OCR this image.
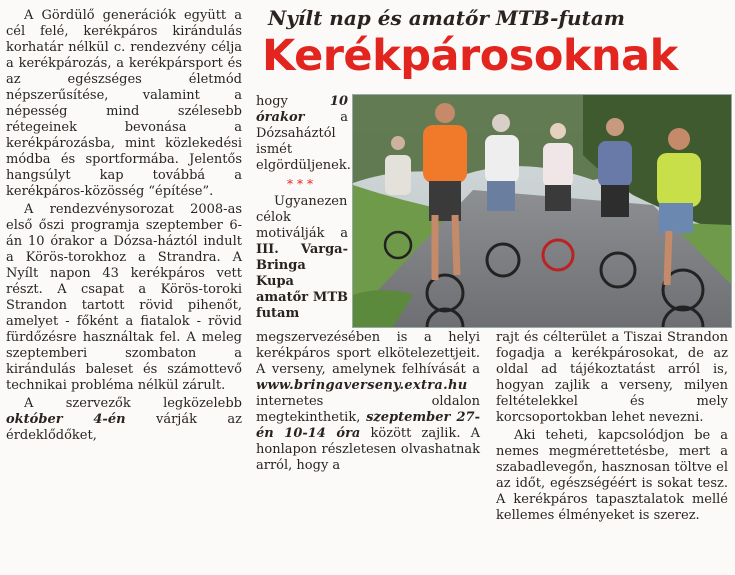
Nyílt nap és amatőr MTB-futam
Kerékpárosoknak

A Gördülő generációk együtt a cél felé, kerékpáros kirándulás korhatár nélkül c. rendezvény célja a kerékpározás, a kerékpársport és az egészséges életmód népszerűsítése, valamint a népesség mind szélesebb rétegeinek bevonása a kerékpározásba, mint közlekedési módba és sportformába. Jelentős hangsúlyt kap továbbá a kerékpáros-közösség “építése”.

A rendezvénysorozat 2008-as első őszi programja szeptember 6-án 10 órakor a Dózsa-háztól indult a Körös-torokhoz a Strandra. A Nyílt napon 43 kerékpáros vett részt. A csapat a Körös-toroki Strandon tartott rövid pihenőt, amelyet - főként a fiatalok - rövid fürdőzésre használtak fel. A meleg szeptemberi szombaton a kirándulás baleset és számottevő technikai probléma nélkül zárult.

A szervezők legközelebb október 4-én várják az érdeklődőket,

hogy 10 órakor a Dózsaháztól ismét elgördüljenek.

***

Ugyanezen célok motiválják a III. Varga-Bringa Kupa amatőr MTB futam

megszervezésében is a helyi kerékpáros sport elkötelezettjeit. A verseny, amelynek felhívását a www.bringaverseny.extra.hu internetes oldalon megtekinthetik, szeptember 27-én 10-14 óra között zajlik. A honlapon részletesen olvashatnak arról, hogy a

rajt és célterület a Tiszai Strandon fogadja a kerékpárosokat, de az oldal ad tájékoztatást arról is, hogyan zajlik a verseny, milyen feltételekkel és mely korcsoportokban lehet nevezni.

Aki teheti, kapcsolódjon be a nemes megmérettetésbe, mert a szabadlevegőn, hasznosan töltve el az időt, egészségéért is sokat tesz. A kerékpáros tapasztalatok mellé kellemes élményeket is szerez.
